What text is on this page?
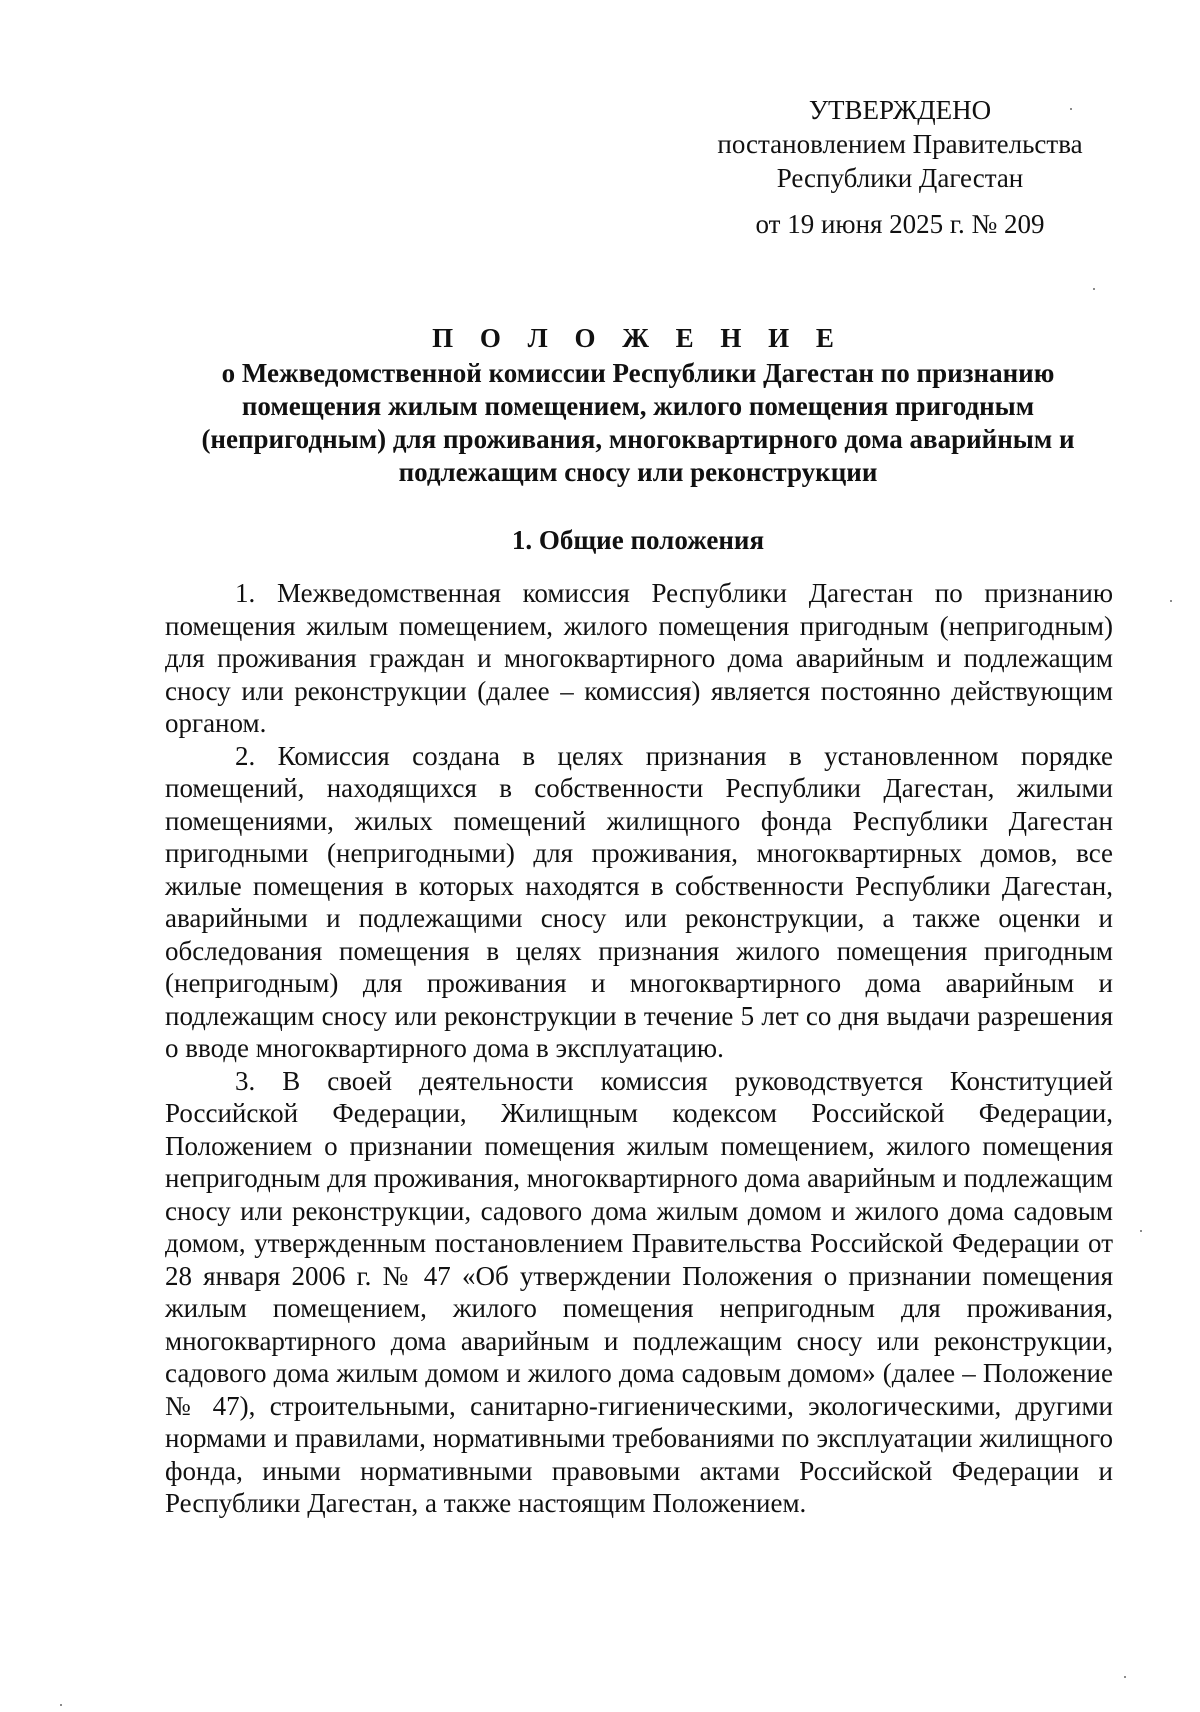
УТВЕРЖДЕНО
постановлением Правительства
Республики Дагестан
от 19 июня 2025 г. № 209
П О Л О Ж Е Н И Е
о Межведомственной комиссии Республики Дагестан по признанию помещения жилым помещением, жилого помещения пригодным (непригодным) для проживания, многоквартирного дома аварийным и подлежащим сносу или реконструкции
1. Общие положения

1. Межведомственная комиссия Республики Дагестан по признанию помещения жилым помещением, жилого помещения пригодным (непригодным) для проживания граждан и многоквартирного дома аварийным и подлежащим сносу или реконструкции (далее – комиссия) является постоянно действующим органом.

2. Комиссия создана в целях признания в установленном порядке помещений, находящихся в собственности Республики Дагестан, жилыми помещениями, жилых помещений жилищного фонда Республики Дагестан пригодными (непригодными) для проживания, многоквартирных домов, все жилые помещения в которых находятся в собственности Республики Дагестан, аварийными и подлежащими сносу или реконструкции, а также оценки и обследования помещения в целях признания жилого помещения пригодным (непригодным) для проживания и многоквартирного дома аварийным и подлежащим сносу или реконструкции в течение 5 лет со дня выдачи разрешения о вводе многоквартирного дома в эксплуатацию.

3. В своей деятельности комиссия руководствуется Конституцией Российской Федерации, Жилищным кодексом Российской Федерации, Положением о признании помещения жилым помещением, жилого помещения непригодным для проживания, многоквартирного дома аварийным и подлежащим сносу или реконструкции, садового дома жилым домом и жилого дома садовым домом, утвержденным постановлением Правительства Российской Федерации от 28 января 2006 г. № 47 «Об утверждении Положения о признании помещения жилым помещением, жилого помещения непригодным для проживания, многоквартирного дома аварийным и подлежащим сносу или реконструкции, садового дома жилым домом и жилого дома садовым домом» (далее – Положение № 47), строительными, санитарно-гигиеническими, экологическими, другими нормами и правилами, нормативными требованиями по эксплуатации жилищного фонда, иными нормативными правовыми актами Российской Федерации и Республики Дагестан, а также настоящим Положением.
